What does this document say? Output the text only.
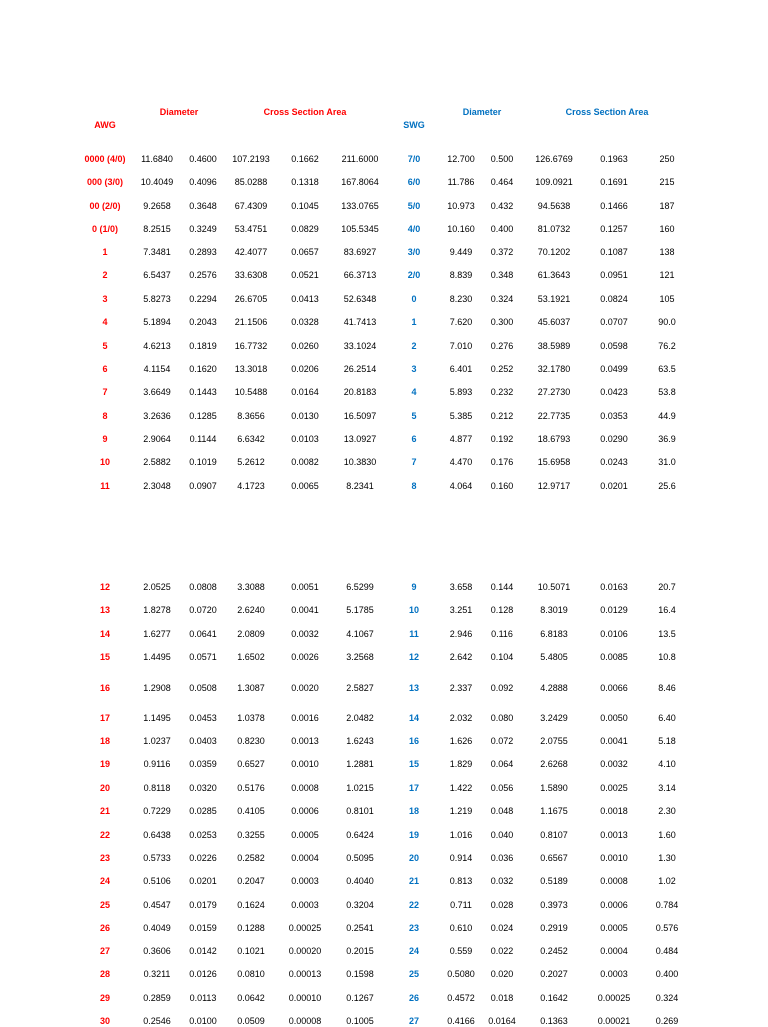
Diameter	Cross Section Area
AWG
Diameter	Cross Section Area
SWG
0000 (4/0) 11.6840 0.4600 107.2193 0.1662	211.6000	7/0	12.700 0.500 126.6769	0.1963	250
000 (3/0) 10.4049 0.4096 85.0288	0.1318 167.8064	6/0	11.786 0.464 109.0921	0.1691	215
00 (2/0)	9.2658 0.3648 67.4309	0.1045 133.0765	5/0	10.973 0.432	94.5638	0.1466	187
0 (1/0)	8.2515 0.3249 53.4751	0.0829 105.5345	4/0	10.160 0.400	81.0732	0.1257	160
1	7.3481 0.2893 42.4077	0.0657	83.6927	3/0	9.449 0.372	70.1202	0.1087	138
2	6.5437 0.2576 33.6308	0.0521	66.3713	2/0	8.839 0.348	61.3643	0.0951	121
3	5.8273 0.2294 26.6705	0.0413	52.6348	0	8.230 0.324	53.1921	0.0824	105
4	5.1894 0.2043 21.1506	0.0328	41.7413	1	7.620 0.300	45.6037	0.0707	90.0
5	4.6213 0.1819 16.7732	0.0260	33.1024	2	7.010 0.276	38.5989	0.0598	76.2
6	4.1154 0.1620 13.3018	0.0206	26.2514	3	6.401 0.252	32.1780	0.0499	63.5
7	3.6649 0.1443 10.5488	0.0164	20.8183	4	5.893 0.232	27.2730	0.0423	53.8
8	3.2636 0.1285 8.3656	0.0130	16.5097	5	5.385 0.212	22.7735	0.0353	44.9
9	2.9064 0.1144 6.6342	0.0103	13.0927	6	4.877 0.192	18.6793	0.0290	36.9
10	2.5882 0.1019 5.2612	0.0082	10.3830	7	4.470 0.176	15.6958	0.0243	31.0
11	2.3048 0.0907 4.1723	0.0065	8.2341	8	4.064 0.160	12.9717	0.0201	25.6
12	2.0525 0.0808 3.3088	0.0051	6.5299	9	3.658 0.144	10.5071	0.0163	20.7
13	1.8278 0.0720 2.6240	0.0041	5.1785	10	3.251 0.128	8.3019	0.0129	16.4
14	1.6277 0.0641 2.0809	0.0032	4.1067	11	2.946 0.116	6.8183	0.0106	13.5
15	1.4495 0.0571 1.6502	0.0026	3.2568	12	2.642 0.104	5.4805	0.0085	10.8
16	1.2908 0.0508 1.3087	0.0020	2.5827	13	2.337 0.092	4.2888	0.0066	8.46
17	1.1495 0.0453 1.0378	0.0016	2.0482	14	2.032 0.080	3.2429	0.0050	6.40
18	1.0237 0.0403 0.8230	0.0013	1.6243	16	1.626 0.072	2.0755	0.0041	5.18
19	0.9116 0.0359 0.6527	0.0010	1.2881	15	1.829 0.064	2.6268	0.0032	4.10
20	0.8118 0.0320 0.5176	0.0008	1.0215	17	1.422 0.056	1.5890	0.0025	3.14
21	0.7229 0.0285 0.4105	0.0006	0.8101	18	1.219 0.048	1.1675	0.0018	2.30
22	0.6438 0.0253 0.3255	0.0005	0.6424	19	1.016 0.040	0.8107	0.0013	1.60
23	0.5733 0.0226 0.2582	0.0004	0.5095	20	0.914 0.036	0.6567	0.0010	1.30
24	0.5106 0.0201 0.2047	0.0003	0.4040	21	0.813 0.032	0.5189	0.0008	1.02
25	0.4547 0.0179 0.1624	0.0003	0.3204	22	0.711 0.028	0.3973	0.0006	0.784
26	0.4049 0.0159 0.1288	0.00025	0.2541	23	0.610 0.024	0.2919	0.0005	0.576
27	0.3606 0.0142 0.1021	0.00020	0.2015	24	0.559 0.022	0.2452	0.0004	0.484
28	0.3211 0.0126 0.0810	0.00013	0.1598	25	0.5080 0.020	0.2027	0.0003	0.400
29	0.2859 0.0113 0.0642	0.00010	0.1267	26	0.4572 0.018	0.1642	0.00025	0.324
30	0.2546 0.0100 0.0509	0.00008	0.1005	27	0.4166 0.0164	0.1363	0.00021	0.269
